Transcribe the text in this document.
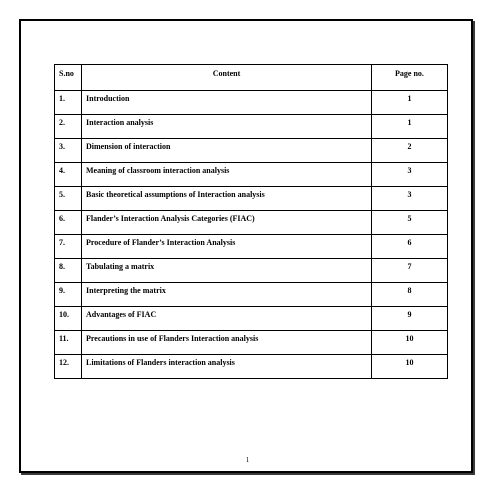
S.no	Content	Page no.
1.	Introduction	1
2.	Interaction analysis	1
3.	Dimension of interaction	2
4.	Meaning of classroom interaction analysis	3
5.	Basic theoretical assumptions of Interaction analysis	3
6.	Flander’s Interaction Analysis Categories (FIAC)	5
7.	Procedure of Flander’s Interaction Analysis	6
8.	Tabulating a matrix	7
9.	Interpreting the matrix	8
10.	Advantages of FIAC	9
11.	Precautions in use of Flanders Interaction analysis	10
12.	Limitations of Flanders interaction analysis	10
1
